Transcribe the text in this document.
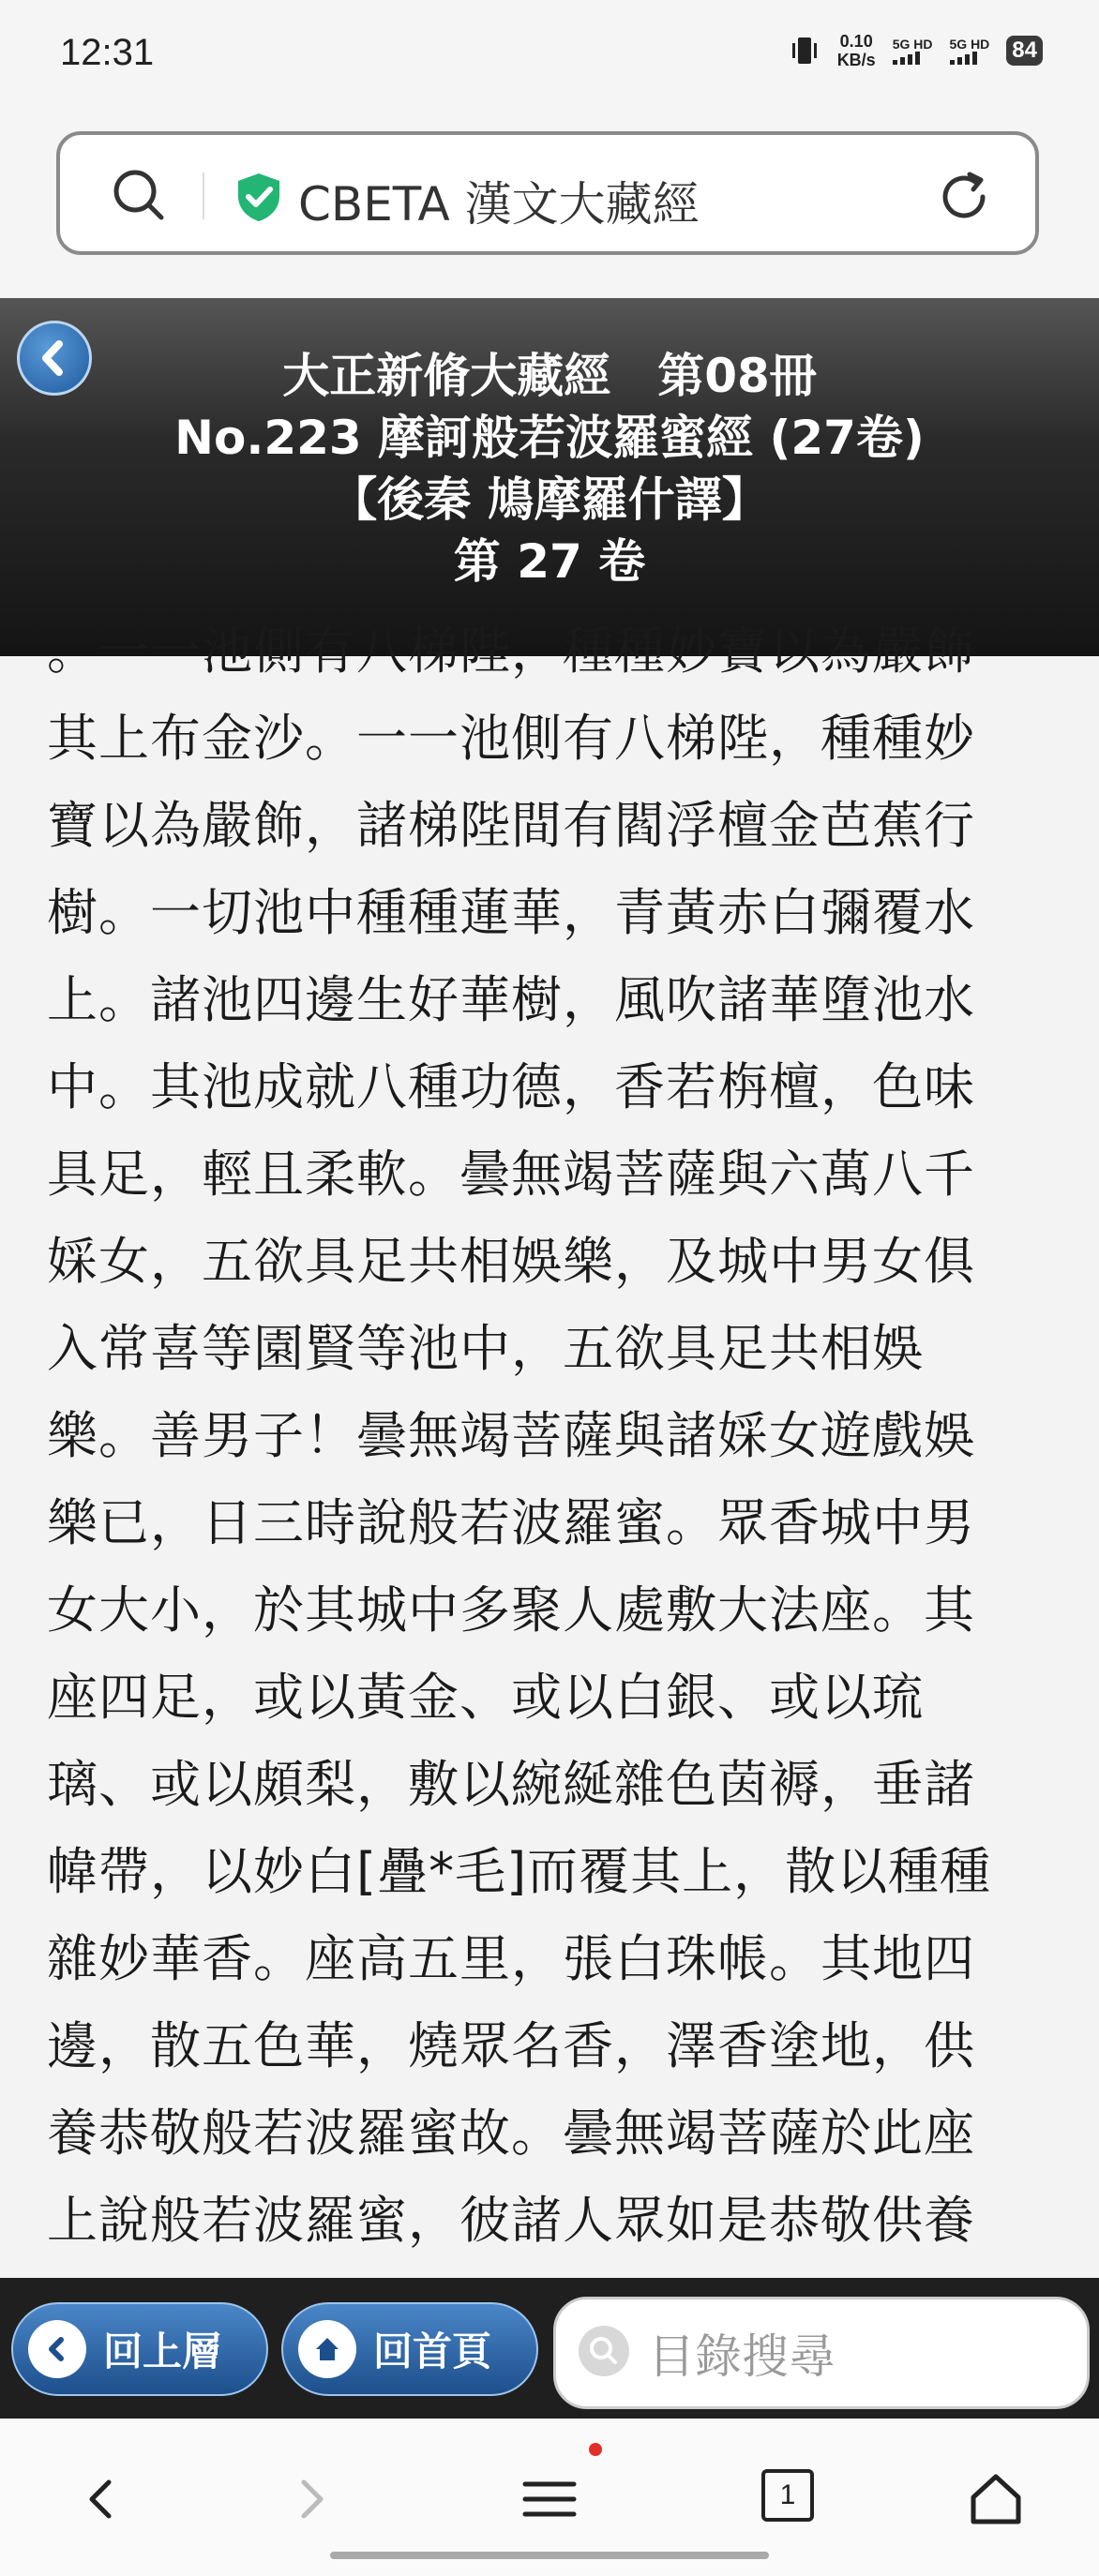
12:31	0.10
KB/s
5G HD 5G HD 84
CBETA 漢文大藏經
大正新脩大藏經　第08冊
No.223 摩訶般若波羅蜜經 (27卷)
【後秦 鳩摩羅什譯】
第 27 卷
。一一池側有八梯陛，種種妙寶以為嚴飾
其上布金沙。一一池側有八梯陛，種種妙
寶以為嚴飾，諸梯陛間有閻浮檀金芭蕉行
樹。一切池中種種蓮華，青黃赤白彌覆水
上。諸池四邊生好華樹，風吹諸華墮池水
中。其池成就八種功德，香若栴檀，色味
具足，輕且柔軟。曇無竭菩薩與六萬八千
婇女，五欲具足共相娛樂，及城中男女俱
入常喜等園賢等池中，五欲具足共相娛
樂。善男子！曇無竭菩薩與諸婇女遊戲娛
樂已，日三時說般若波羅蜜。眾香城中男
女大小，於其城中多聚人處敷大法座。其
座四足，或以黃金、或以白銀、或以琉
璃、或以頗梨，敷以綩綖雜色茵褥，垂諸
幃帶，以妙白[疊*毛]而覆其上，散以種種
雜妙華香。座高五里，張白珠帳。其地四
邊，散五色華，燒眾名香，澤香塗地，供
養恭敬般若波羅蜜故。曇無竭菩薩於此座
上說般若波羅蜜，彼諸人眾如是恭敬供養
回上層	回首頁	目錄搜尋
1
